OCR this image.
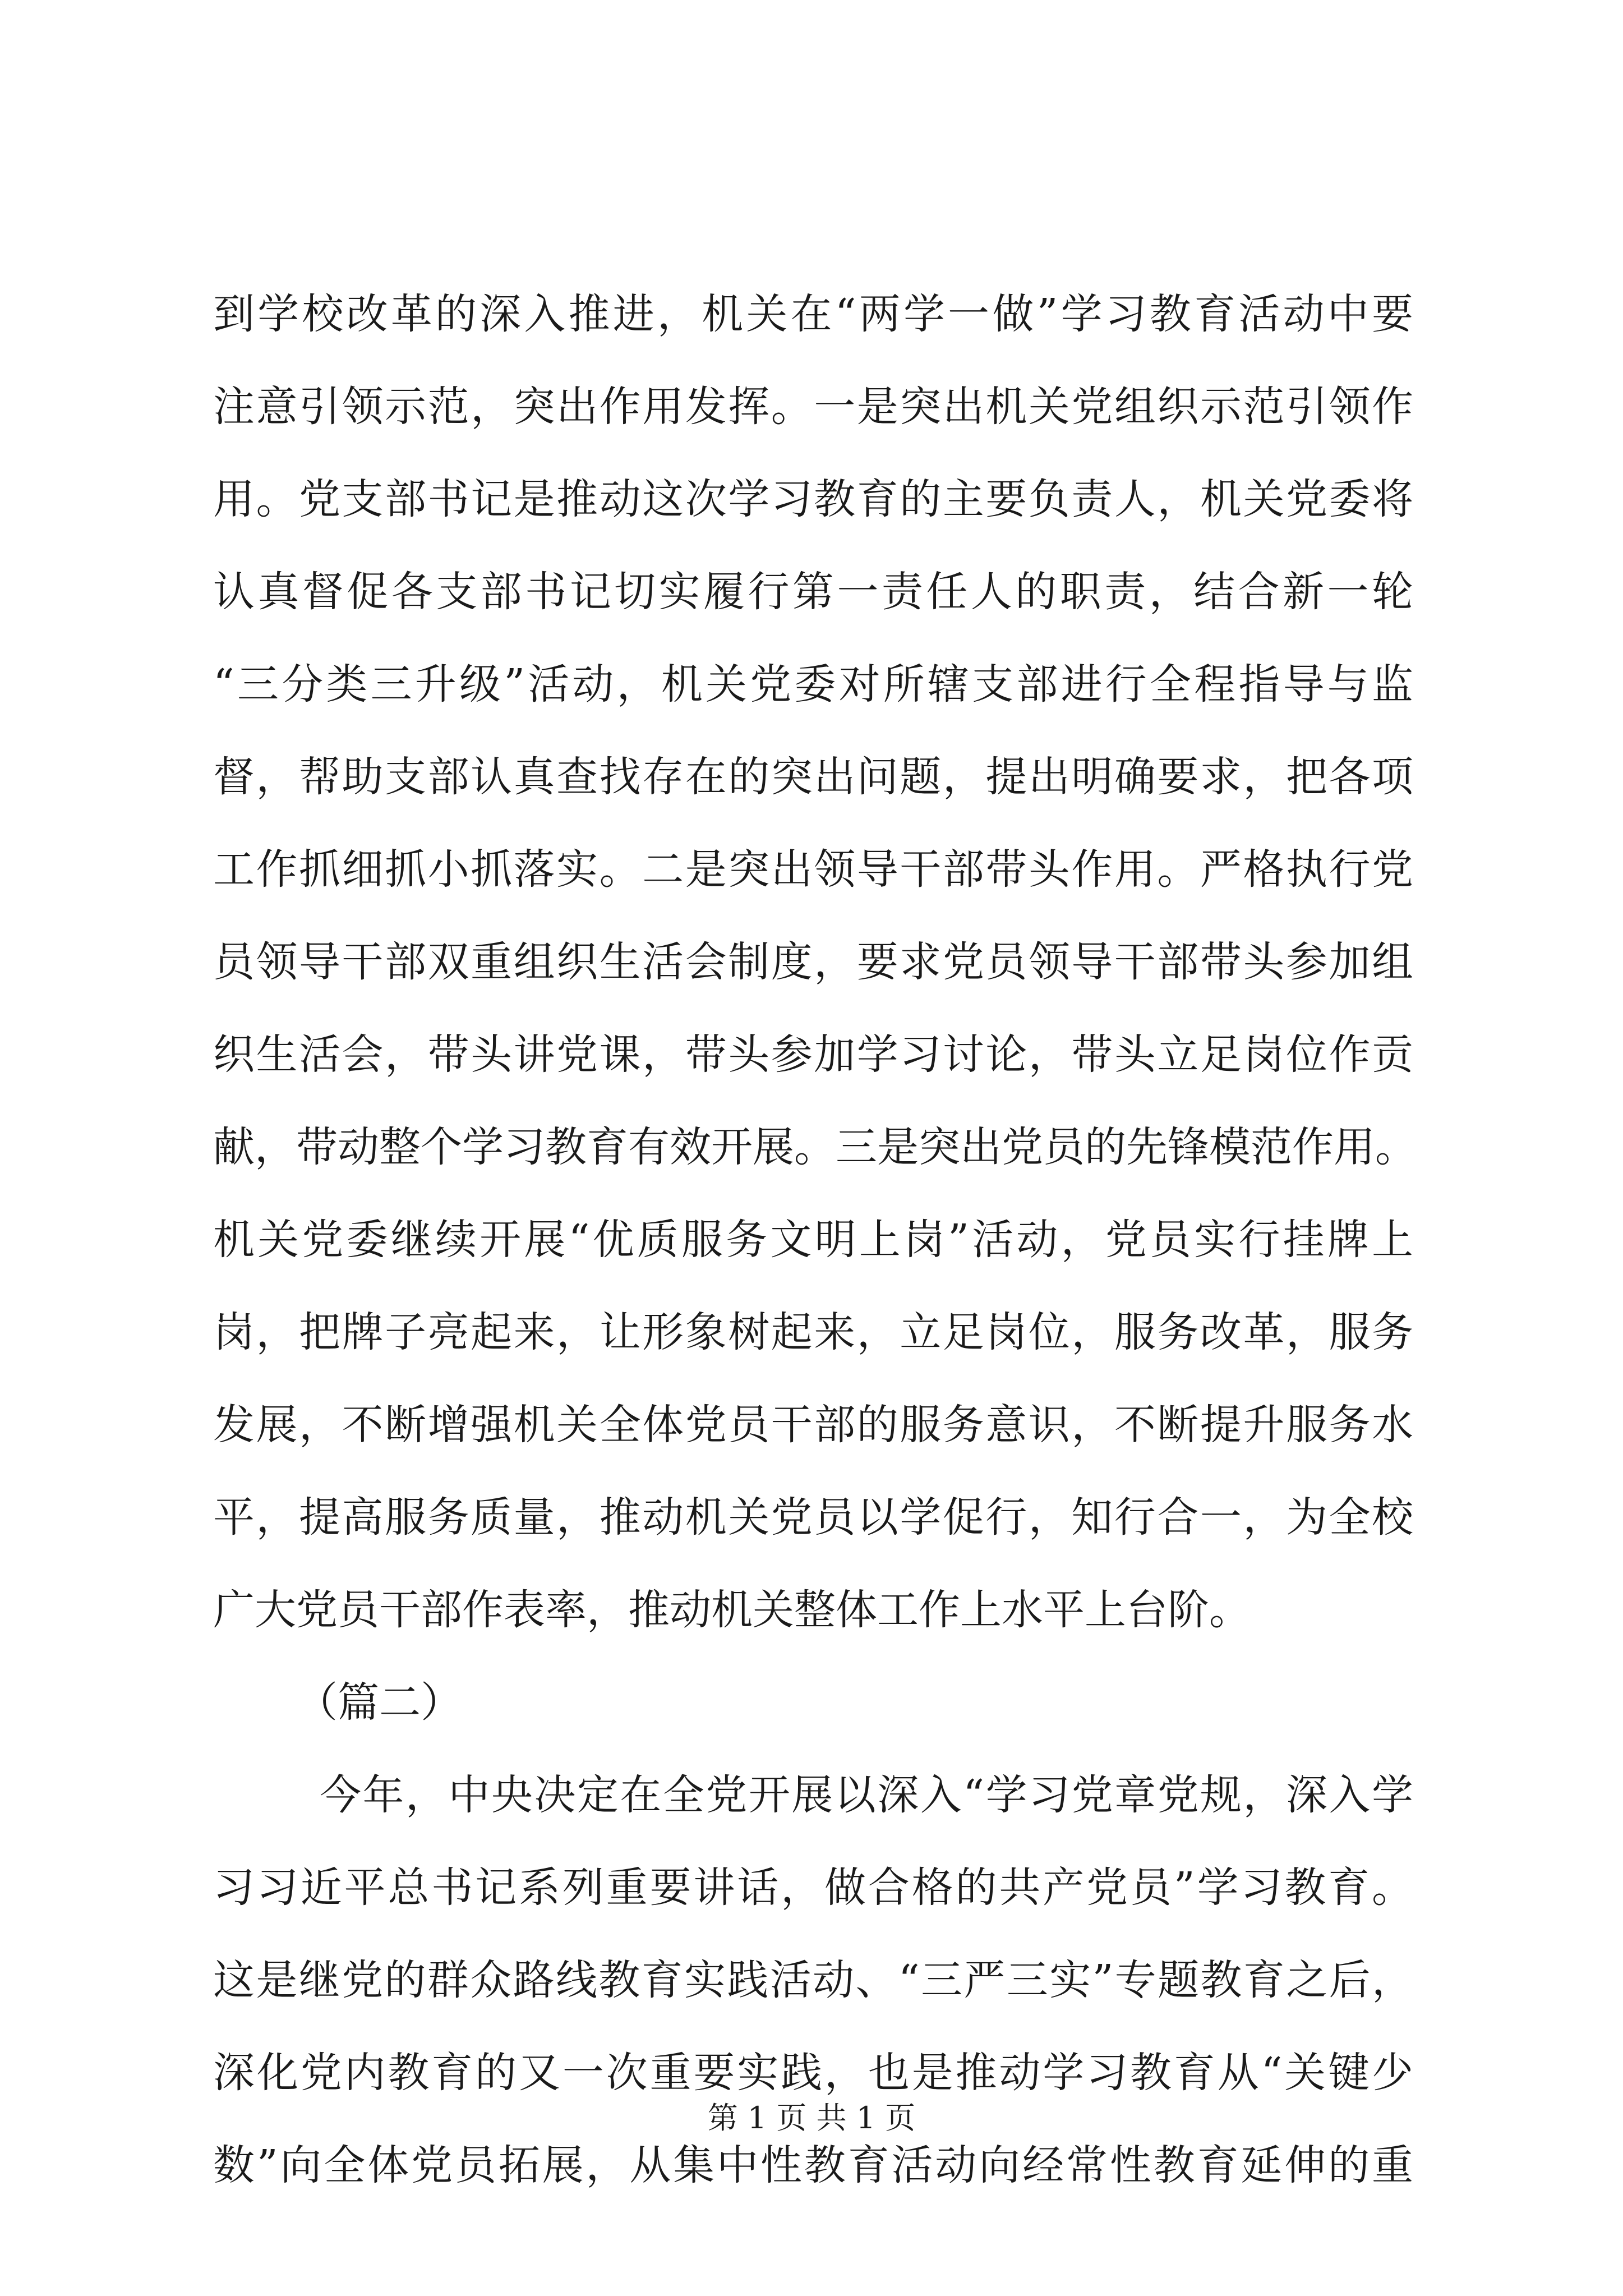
到学校改革的深入推进，机关在“两学一做”学习教育活动中要
注意引领示范，突出作用发挥。一是突出机关党组织示范引领作
用。党支部书记是推动这次学习教育的主要负责人，机关党委将
认真督促各支部书记切实履行第一责任人的职责，结合新一轮
“三分类三升级”活动，机关党委对所辖支部进行全程指导与监
督，帮助支部认真查找存在的突出问题，提出明确要求，把各项
工作抓细抓小抓落实。二是突出领导干部带头作用。严格执行党
员领导干部双重组织生活会制度，要求党员领导干部带头参加组
织生活会，带头讲党课，带头参加学习讨论，带头立足岗位作贡
献，带动整个学习教育有效开展。三是突出党员的先锋模范作用。
机关党委继续开展“优质服务文明上岗”活动，党员实行挂牌上
岗，把牌子亮起来，让形象树起来，立足岗位，服务改革，服务
发展，不断增强机关全体党员干部的服务意识，不断提升服务水
平，提高服务质量，推动机关党员以学促行，知行合一，为全校
广大党员干部作表率，推动机关整体工作上水平上台阶。
（篇二）
今年，中央决定在全党开展以深入“学习党章党规，深入学
习习近平总书记系列重要讲话，做合格的共产党员”学习教育。
这是继党的群众路线教育实践活动、“三严三实”专题教育之后，
深化党内教育的又一次重要实践，也是推动学习教育从“关键少
数”向全体党员拓展，从集中性教育活动向经常性教育延伸的重
第 1 页 共 1 页
